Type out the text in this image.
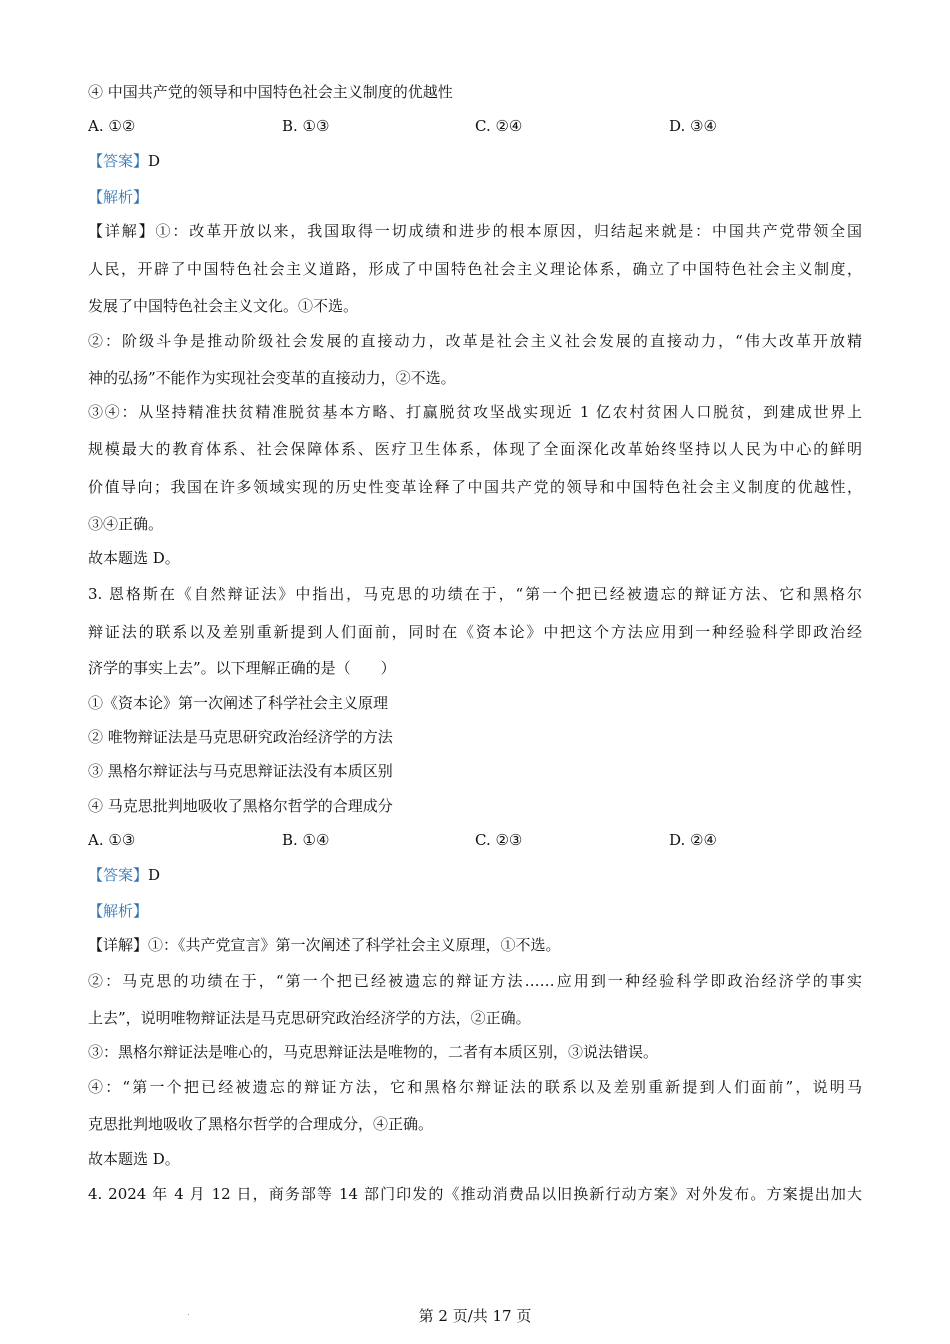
④ 中国共产党的领导和中国特色社会主义制度的优越性
A. ①②	B. ①③	C. ②④	D. ③④
【答案】D
【解析】
【详解】①：改革开放以来，我国取得一切成绩和进步的根本原因，归结起来就是：中国共产党带领全国
人民，开辟了中国特色社会主义道路，形成了中国特色社会主义理论体系，确立了中国特色社会主义制度，
发展了中国特色社会主义文化。①不选。
②：阶级斗争是推动阶级社会发展的直接动力，改革是社会主义社会发展的直接动力，“伟大改革开放精
神的弘扬”不能作为实现社会变革的直接动力，②不选。
③④：从坚持精准扶贫精准脱贫基本方略、打赢脱贫攻坚战实现近 1 亿农村贫困人口脱贫，到建成世界上
规模最大的教育体系、社会保障体系、医疗卫生体系，体现了全面深化改革始终坚持以人民为中心的鲜明
价值导向；我国在许多领域实现的历史性变革诠释了中国共产党的领导和中国特色社会主义制度的优越性，
③④正确。
故本题选 D。
3. 恩格斯在《自然辩证法》中指出，马克思的功绩在于，“第一个把已经被遗忘的辩证方法、它和黑格尔
辩证法的联系以及差别重新提到人们面前，同时在《资本论》中把这个方法应用到一种经验科学即政治经
济学的事实上去”。以下理解正确的是（　　）
①《资本论》第一次阐述了科学社会主义原理
② 唯物辩证法是马克思研究政治经济学的方法
③ 黑格尔辩证法与马克思辩证法没有本质区别
④ 马克思批判地吸收了黑格尔哲学的合理成分
A. ①③	B. ①④	C. ②③	D. ②④
【答案】D
【解析】
【详解】①：《共产党宣言》第一次阐述了科学社会主义原理，①不选。
②：马克思的功绩在于，“第一个把已经被遗忘的辩证方法……应用到一种经验科学即政治经济学的事实
上去”，说明唯物辩证法是马克思研究政治经济学的方法，②正确。
③：黑格尔辩证法是唯心的，马克思辩证法是唯物的，二者有本质区别，③说法错误。
④：“第一个把已经被遗忘的辩证方法，它和黑格尔辩证法的联系以及差别重新提到人们面前”，说明马
克思批判地吸收了黑格尔哲学的合理成分，④正确。
故本题选 D。
4. 2024 年 4 月 12 日，商务部等 14 部门印发的《推动消费品以旧换新行动方案》对外发布。方案提出加大
第 2 页/共 17 页
